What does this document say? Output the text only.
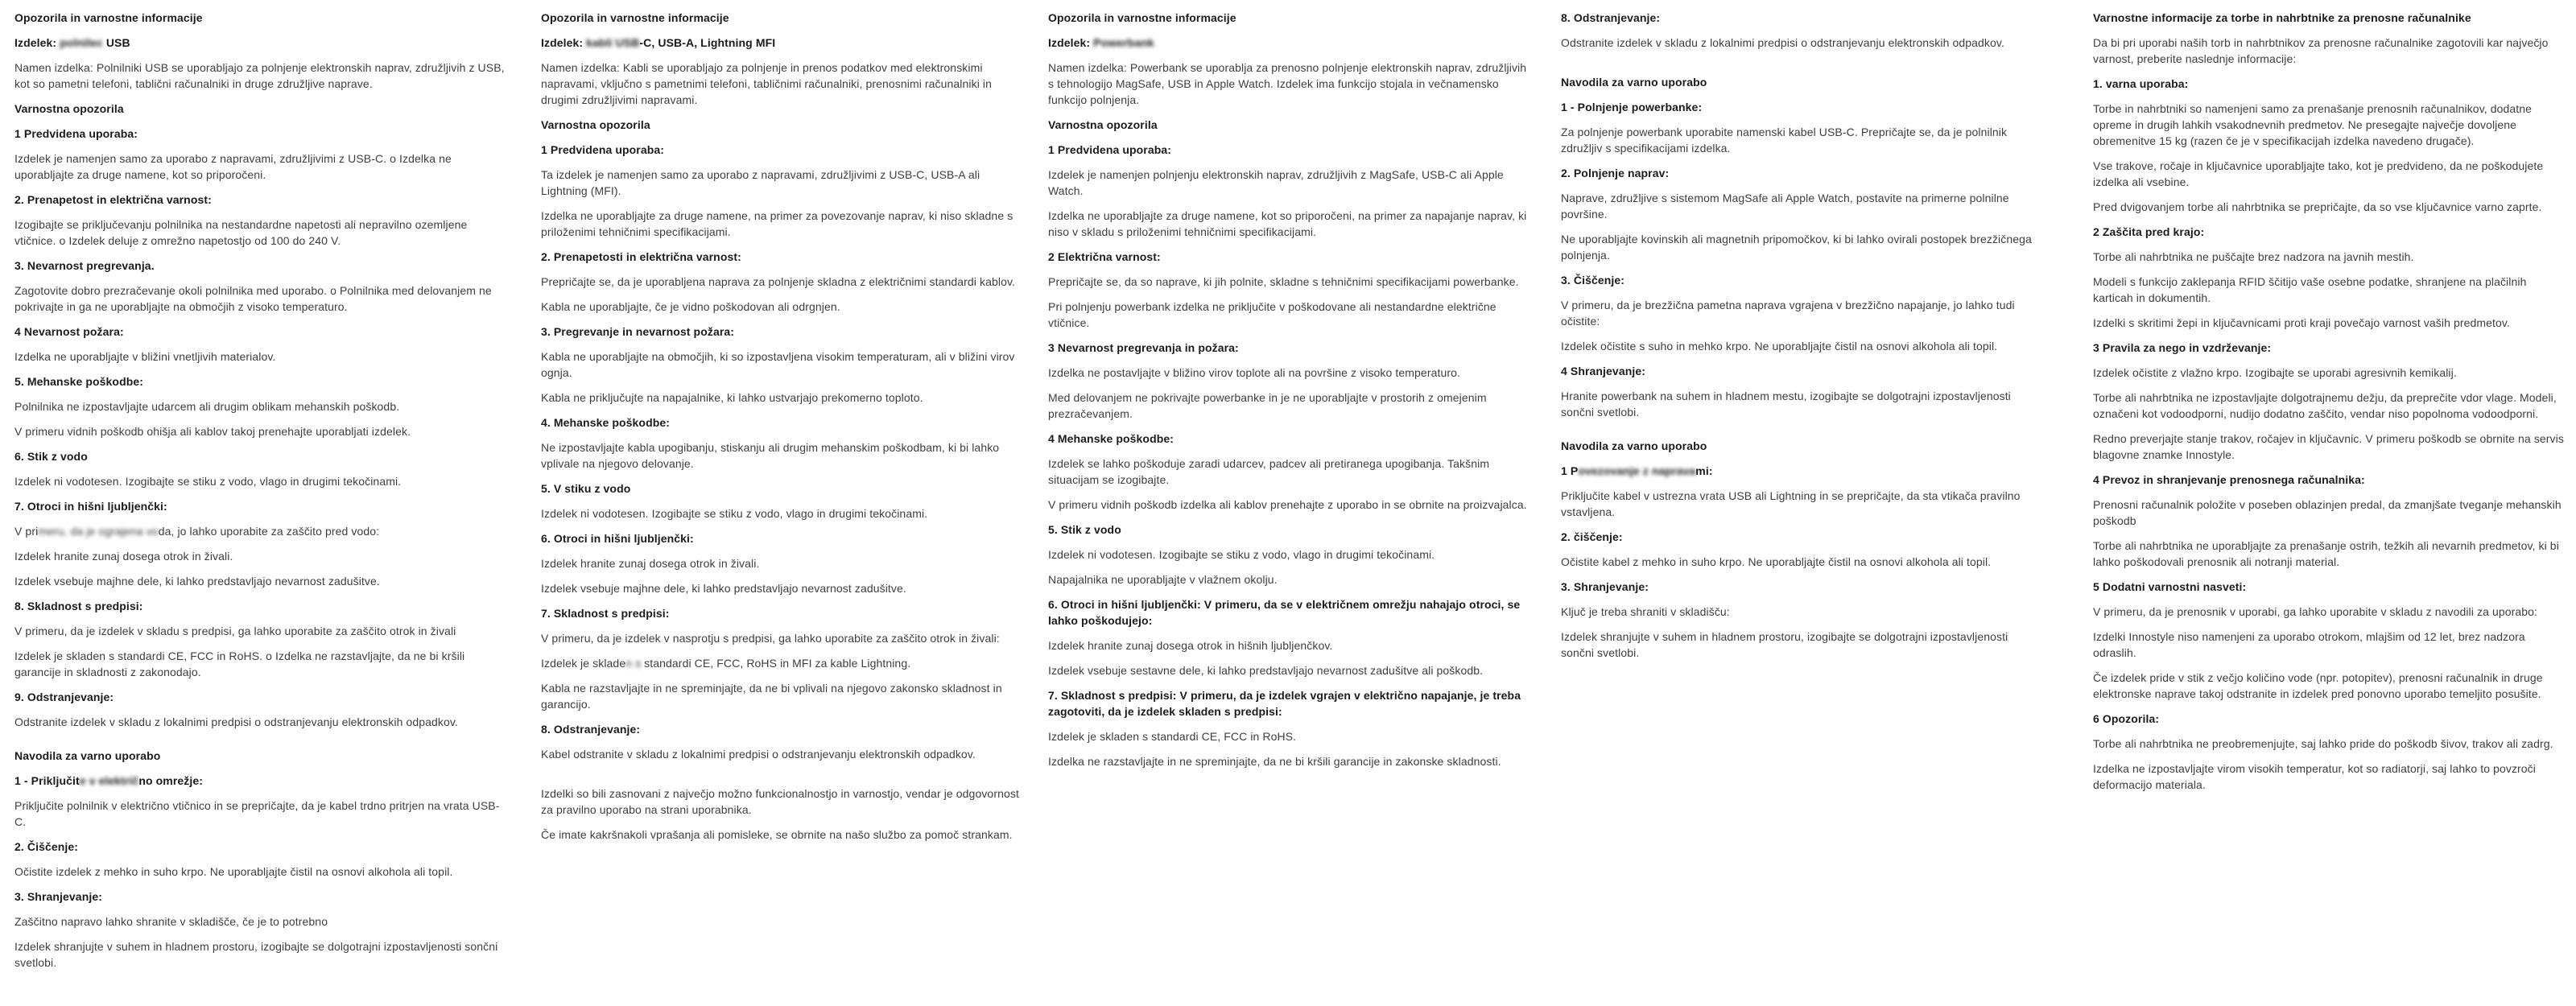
Opozorila in varnostne informacije
Izdelek: polnilec USB
Namen izdelka: Polnilniki USB se uporabljajo za polnjenje elektronskih naprav, združljivih z USB, kot so pametni telefoni, tablični računalniki in druge združljive naprave.
Varnostna opozorila
1 Predvidena uporaba:
Izdelek je namenjen samo za uporabo z napravami, združljivimi z USB-C. o Izdelka ne uporabljajte za druge namene, kot so priporočeni.
2. Prenapetost in električna varnost:
Izogibajte se priključevanju polnilnika na nestandardne napetosti ali nepravilno ozemljene vtičnice. o Izdelek deluje z omrežno napetostjo od 100 do 240 V.
3. Nevarnost pregrevanja.
Zagotovite dobro prezračevanje okoli polnilnika med uporabo. o Polnilnika med delovanjem ne pokrivajte in ga ne uporabljajte na območjih z visoko temperaturo.
4 Nevarnost požara:
Izdelka ne uporabljajte v bližini vnetljivih materialov.
5. Mehanske poškodbe:
Polnilnika ne izpostavljajte udarcem ali drugim oblikam mehanskih poškodb.
V primeru vidnih poškodb ohišja ali kablov takoj prenehajte uporabljati izdelek.
6. Stik z vodo
Izdelek ni vodotesen. Izogibajte se stiku z vodo, vlago in drugimi tekočinami.
7. Otroci in hišni ljubljenčki:
V primeru, da je ograjena voda, jo lahko uporabite za zaščito pred vodo:
Izdelek hranite zunaj dosega otrok in živali.
Izdelek vsebuje majhne dele, ki lahko predstavljajo nevarnost zadušitve.
8. Skladnost s predpisi:
V primeru, da je izdelek v skladu s predpisi, ga lahko uporabite za zaščito otrok in živali
Izdelek je skladen s standardi CE, FCC in RoHS. o Izdelka ne razstavljajte, da ne bi kršili garancije in skladnosti z zakonodajo.
9. Odstranjevanje:
Odstranite izdelek v skladu z lokalnimi predpisi o odstranjevanju elektronskih odpadkov.
Navodila za varno uporabo
1 - Priključite v električno omrežje:
Priključite polnilnik v električno vtičnico in se prepričajte, da je kabel trdno pritrjen na vrata USB-C.
2. Čiščenje:
Očistite izdelek z mehko in suho krpo. Ne uporabljajte čistil na osnovi alkohola ali topil.
3. Shranjevanje:
Zaščitno napravo lahko shranite v skladišče, če je to potrebno
Izdelek shranjujte v suhem in hladnem prostoru, izogibajte se dolgotrajni izpostavljenosti sončni svetlobi.
Opozorila in varnostne informacije
Izdelek: kabli USB-C, USB-A, Lightning MFI
Namen izdelka: Kabli se uporabljajo za polnjenje in prenos podatkov med elektronskimi napravami, vključno s pametnimi telefoni, tabličnimi računalniki, prenosnimi računalniki in drugimi združljivimi napravami.
Varnostna opozorila
1 Predvidena uporaba:
Ta izdelek je namenjen samo za uporabo z napravami, združljivimi z USB-C, USB-A ali Lightning (MFI).
Izdelka ne uporabljajte za druge namene, na primer za povezovanje naprav, ki niso skladne s priloženimi tehničnimi specifikacijami.
2. Prenapetosti in električna varnost:
Prepričajte se, da je uporabljena naprava za polnjenje skladna z električnimi standardi kablov.
Kabla ne uporabljajte, če je vidno poškodovan ali odrgnjen.
3. Pregrevanje in nevarnost požara:
Kabla ne uporabljajte na območjih, ki so izpostavljena visokim temperaturam, ali v bližini virov ognja.
Kabla ne priključujte na napajalnike, ki lahko ustvarjajo prekomerno toploto.
4. Mehanske poškodbe:
Ne izpostavljajte kabla upogibanju, stiskanju ali drugim mehanskim poškodbam, ki bi lahko vplivale na njegovo delovanje.
5. V stiku z vodo
Izdelek ni vodotesen. Izogibajte se stiku z vodo, vlago in drugimi tekočinami.
6. Otroci in hišni ljubljenčki:
Izdelek hranite zunaj dosega otrok in živali.
Izdelek vsebuje majhne dele, ki lahko predstavljajo nevarnost zadušitve.
7. Skladnost s predpisi:
V primeru, da je izdelek v nasprotju s predpisi, ga lahko uporabite za zaščito otrok in živali:
Izdelek je skladen s standardi CE, FCC, RoHS in MFI za kable Lightning.
Kabla ne razstavljajte in ne spreminjajte, da ne bi vplivali na njegovo zakonsko skladnost in garancijo.
8. Odstranjevanje:
Kabel odstranite v skladu z lokalnimi predpisi o odstranjevanju elektronskih odpadkov.
Izdelki so bili zasnovani z največjo možno funkcionalnostjo in varnostjo, vendar je odgovornost za pravilno uporabo na strani uporabnika.
Če imate kakršnakoli vprašanja ali pomisleke, se obrnite na našo službo za pomoč strankam.
Opozorila in varnostne informacije
Izdelek: Powerbank
Namen izdelka: Powerbank se uporablja za prenosno polnjenje elektronskih naprav, združljivih s tehnologijo MagSafe, USB in Apple Watch. Izdelek ima funkcijo stojala in večnamensko funkcijo polnjenja.
Varnostna opozorila
1 Predvidena uporaba:
Izdelek je namenjen polnjenju elektronskih naprav, združljivih z MagSafe, USB-C ali Apple Watch.
Izdelka ne uporabljajte za druge namene, kot so priporočeni, na primer za napajanje naprav, ki niso v skladu s priloženimi tehničnimi specifikacijami.
2 Električna varnost:
Prepričajte se, da so naprave, ki jih polnite, skladne s tehničnimi specifikacijami powerbanke.
Pri polnjenju powerbank izdelka ne priključite v poškodovane ali nestandardne električne vtičnice.
3 Nevarnost pregrevanja in požara:
Izdelka ne postavljajte v bližino virov toplote ali na površine z visoko temperaturo.
Med delovanjem ne pokrivajte powerbanke in je ne uporabljajte v prostorih z omejenim prezračevanjem.
4 Mehanske poškodbe:
Izdelek se lahko poškoduje zaradi udarcev, padcev ali pretiranega upogibanja. Takšnim situacijam se izogibajte.
V primeru vidnih poškodb izdelka ali kablov prenehajte z uporabo in se obrnite na proizvajalca.
5. Stik z vodo
Izdelek ni vodotesen. Izogibajte se stiku z vodo, vlago in drugimi tekočinami.
Napajalnika ne uporabljajte v vlažnem okolju.
6. Otroci in hišni ljubljenčki: V primeru, da se v električnem omrežju nahajajo otroci, se lahko poškodujejo:
Izdelek hranite zunaj dosega otrok in hišnih ljubljenčkov.
Izdelek vsebuje sestavne dele, ki lahko predstavljajo nevarnost zadušitve ali poškodb.
7. Skladnost s predpisi: V primeru, da je izdelek vgrajen v električno napajanje, je treba zagotoviti, da je izdelek skladen s predpisi:
Izdelek je skladen s standardi CE, FCC in RoHS.
Izdelka ne razstavljajte in ne spreminjajte, da ne bi kršili garancije in zakonske skladnosti.
8. Odstranjevanje:
Odstranite izdelek v skladu z lokalnimi predpisi o odstranjevanju elektronskih odpadkov.
Navodila za varno uporabo
1 - Polnjenje powerbanke:
Za polnjenje powerbank uporabite namenski kabel USB-C. Prepričajte se, da je polnilnik združljiv s specifikacijami izdelka.
2. Polnjenje naprav:
Naprave, združljive s sistemom MagSafe ali Apple Watch, postavite na primerne polnilne površine.
Ne uporabljajte kovinskih ali magnetnih pripomočkov, ki bi lahko ovirali postopek brezžičnega polnjenja.
3. Čiščenje:
V primeru, da je brezžična pametna naprava vgrajena v brezžično napajanje, jo lahko tudi očistite:
Izdelek očistite s suho in mehko krpo. Ne uporabljajte čistil na osnovi alkohola ali topil.
4 Shranjevanje:
Hranite powerbank na suhem in hladnem mestu, izogibajte se dolgotrajni izpostavljenosti sončni svetlobi.
Navodila za varno uporabo
1 Povezovanje z napravami:
Priključite kabel v ustrezna vrata USB ali Lightning in se prepričajte, da sta vtikača pravilno vstavljena.
2. čiščenje:
Očistite kabel z mehko in suho krpo. Ne uporabljajte čistil na osnovi alkohola ali topil.
3. Shranjevanje:
Ključ je treba shraniti v skladišču:
Izdelek shranjujte v suhem in hladnem prostoru, izogibajte se dolgotrajni izpostavljenosti sončni svetlobi.
Varnostne informacije za torbe in nahrbtnike za prenosne računalnike
Da bi pri uporabi naših torb in nahrbtnikov za prenosne računalnike zagotovili kar največjo varnost, preberite naslednje informacije:
1. varna uporaba:
Torbe in nahrbtniki so namenjeni samo za prenašanje prenosnih računalnikov, dodatne opreme in drugih lahkih vsakodnevnih predmetov. Ne presegajte največje dovoljene obremenitve 15 kg (razen če je v specifikacijah izdelka navedeno drugače).
Vse trakove, ročaje in ključavnice uporabljajte tako, kot je predvideno, da ne poškodujete izdelka ali vsebine.
Pred dvigovanjem torbe ali nahrbtnika se prepričajte, da so vse ključavnice varno zaprte.
2 Zaščita pred krajo:
Torbe ali nahrbtnika ne puščajte brez nadzora na javnih mestih.
Modeli s funkcijo zaklepanja RFID ščitijo vaše osebne podatke, shranjene na plačilnih karticah in dokumentih.
Izdelki s skritimi žepi in ključavnicami proti kraji povečajo varnost vaših predmetov.
3 Pravila za nego in vzdrževanje:
Izdelek očistite z vlažno krpo. Izogibajte se uporabi agresivnih kemikalij.
Torbe ali nahrbtnika ne izpostavljajte dolgotrajnemu dežju, da preprečite vdor vlage. Modeli, označeni kot vodoodporni, nudijo dodatno zaščito, vendar niso popolnoma vodoodporni.
Redno preverjajte stanje trakov, ročajev in ključavnic. V primeru poškodb se obrnite na servis blagovne znamke Innostyle.
4 Prevoz in shranjevanje prenosnega računalnika:
Prenosni računalnik položite v poseben oblazinjen predal, da zmanjšate tveganje mehanskih poškodb
Torbe ali nahrbtnika ne uporabljajte za prenašanje ostrih, težkih ali nevarnih predmetov, ki bi lahko poškodovali prenosnik ali notranji material.
5 Dodatni varnostni nasveti:
V primeru, da je prenosnik v uporabi, ga lahko uporabite v skladu z navodili za uporabo:
Izdelki Innostyle niso namenjeni za uporabo otrokom, mlajšim od 12 let, brez nadzora odraslih.
Če izdelek pride v stik z večjo količino vode (npr. potopitev), prenosni računalnik in druge elektronske naprave takoj odstranite in izdelek pred ponovno uporabo temeljito posušite.
6 Opozorila:
Torbe ali nahrbtnika ne preobremenjujte, saj lahko pride do poškodb šivov, trakov ali zadrg.
Izdelka ne izpostavljajte virom visokih temperatur, kot so radiatorji, saj lahko to povzroči deformacijo materiala.
